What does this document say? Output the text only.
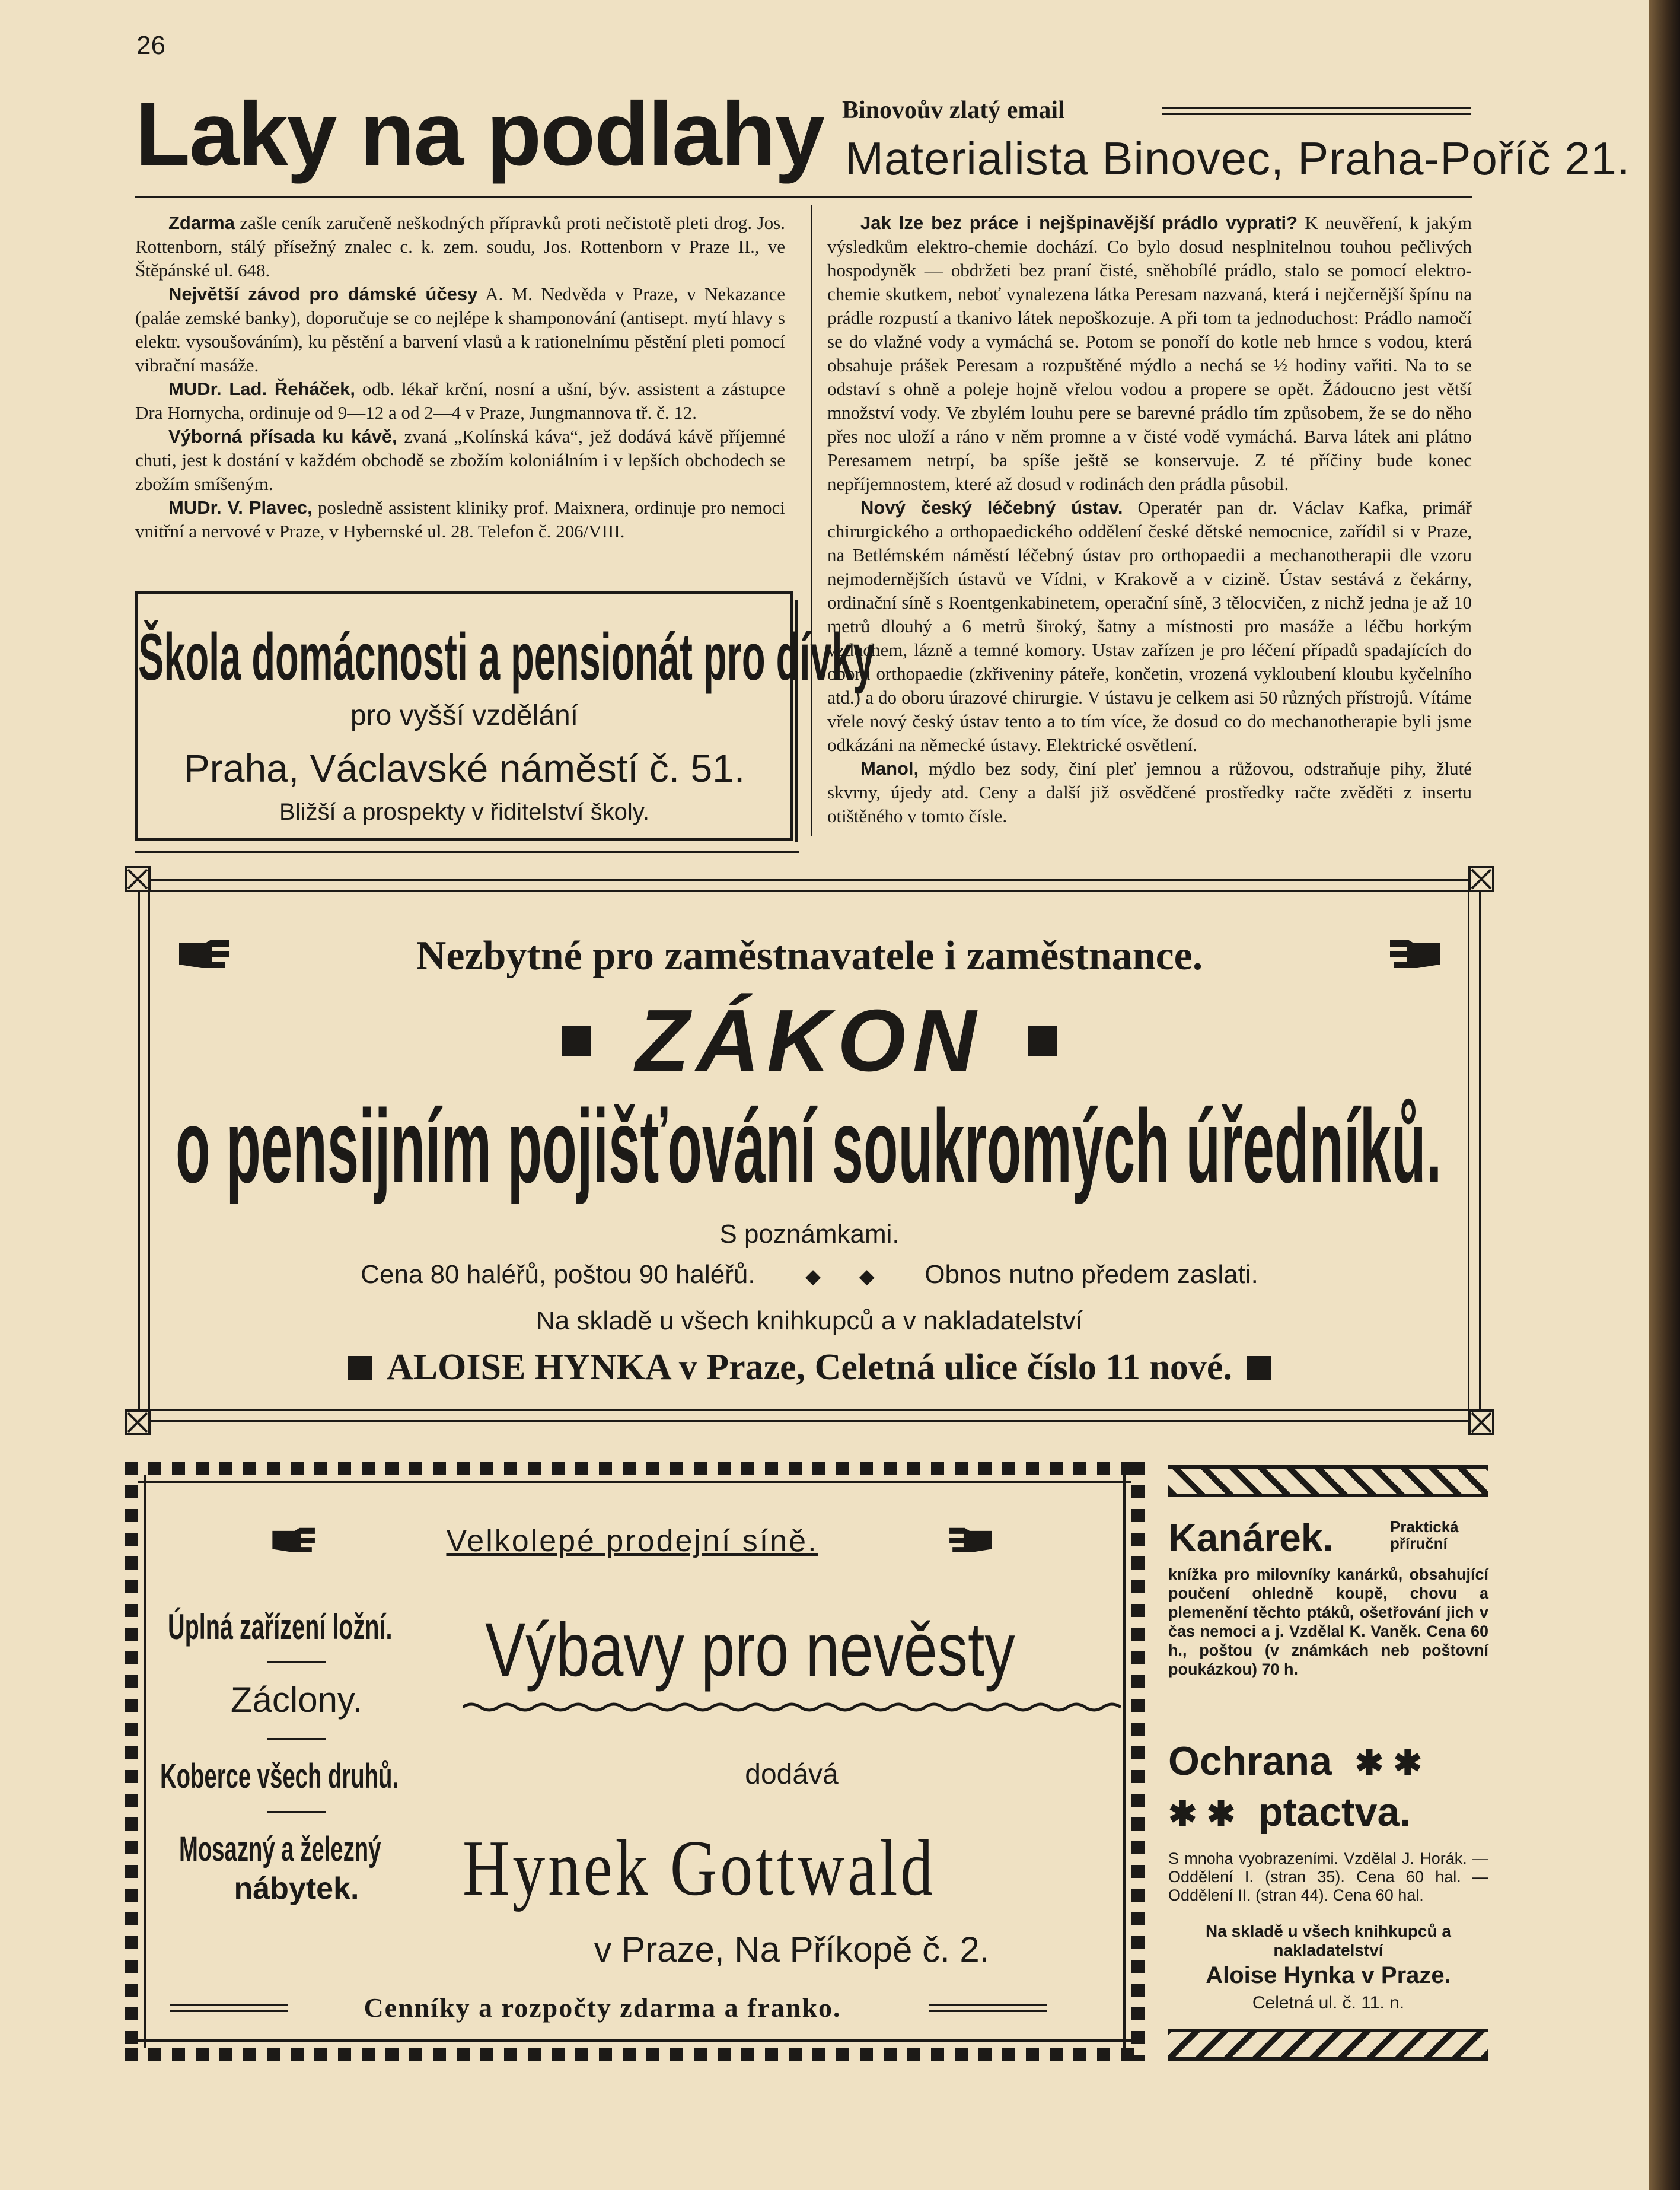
26
Laky na podlahy Binovoův zlatý email
Materialista Binovec, Praha-Poříč 21.

Zdarma zašle ceník zaručeně neškodných přípravků proti nečistotě pleti drog. Jos. Rottenborn, stálý přísežný znalec c. k. zem. soudu, Jos. Rottenborn v Praze II., ve Štěpánské ul. 648.

Největší závod pro dámské účesy A. M. Nedvěda v Praze, v Nekazance (paláe zemské banky), doporučuje se co nejlépe k shamponování (antisept. mytí hlavy s elektr. vysoušováním), ku pěstění a barvení vlasů a k rationelnímu pěstění pleti pomocí vibrační masáže.

MUDr. Lad. Řeháček, odb. lékař krční, nosní a ušní, býv. assistent a zástupce Dra Hornycha, ordinuje od 9—12 a od 2—4 v Praze, Jungmannova tř. č. 12.

Výborná přísada ku kávě, zvaná „Kolínská káva“, jež dodává kávě příjemné chuti, jest k dostání v každém obchodě se zbožím koloniálním i v lepších obchodech se zbožím smíšeným.

MUDr. V. Plavec, posledně assistent kliniky prof. Maixnera, ordinuje pro nemoci vnitřní a nervové v Praze, v Hybernské ul. 28. Telefon č. 206/VIII.

Škola domácnosti a pensionát pro dívky
pro vyšší vzdělání
Praha, Václavské náměstí č. 51.
Bližší a prospekty v řiditelství školy.

Jak lze bez práce i nejšpinavější prádlo vyprati? K neuvěření, k jakým výsledkům elektro-chemie dochází. Co bylo dosud nesplnitelnou touhou pečlivých hospodyněk — obdržeti bez praní čisté, sněhobílé prádlo, stalo se pomocí elektro-chemie skutkem, neboť vynalezena látka Peresam nazvaná, která i nejčernější špínu na prádle rozpustí a tkanivo látek nepoškozuje. A při tom ta jednoduchost: Prádlo namočí se do vlažné vody a vymáchá se. Potom se ponoří do kotle neb hrnce s vodou, která obsahuje prášek Peresam a rozpuštěné mýdlo a nechá se ½ hodiny vařiti. Na to se odstaví s ohně a poleje hojně vřelou vodou a propere se opět. Žádoucno jest větší množství vody. Ve zbylém louhu pere se barevné prádlo tím způsobem, že se do něho přes noc uloží a ráno v něm promne a v čisté vodě vymáchá. Barva látek ani plátno Peresamem netrpí, ba spíše ještě se konservuje. Z té příčiny bude konec nepříjemnostem, které až dosud v rodinách den prádla působil.

Nový český léčebný ústav. Operatér pan dr. Václav Kafka, primář chirurgického a orthopaedického oddělení české dětské nemocnice, zařídil si v Praze, na Betlémském náměstí léčebný ústav pro orthopaedii a mechanotherapii dle vzoru nejmodernějších ústavů ve Vídni, v Krakově a v cizině. Ústav sestává z čekárny, ordinační síně s Roentgenkabinetem, operační síně, 3 tělocvičen, z nichž jedna je až 10 metrů dlouhý a 6 metrů široký, šatny a místnosti pro masáže a léčbu horkým vzduchem, lázně a temné komory. Ustav zařízen je pro léčení případů spadajících do oboru orthopaedie (zkřiveniny páteře, končetin, vrozená vykloubení kloubu kyčelního atd.) a do oboru úrazové chirurgie. V ústavu je celkem asi 50 různých přístrojů. Vítáme vřele nový český ústav tento a to tím více, že dosud co do mechanotherapie byli jsme odkázáni na německé ústavy. Elektrické osvětlení.

Manol, mýdlo bez sody, činí pleť jemnou a růžovou, odstraňuje pihy, žluté skvrny, újedy atd. Ceny a další již osvědčené prostředky račte zvěděti z insertu otištěného v tomto čísle.

Nezbytné pro zaměstnavatele i zaměstnance.
ZÁKON
o pensijním pojišťování soukromých úředníků.
S poznámkami.
Cena 80 haléřů, poštou 90 haléřů. ◆ ◆ Obnos nutno předem zaslati.
Na skladě u všech knihkupců a v nakladatelství
ALOISE HYNKA v Praze, Celetná ulice číslo 11 nové.
Velkolepé prodejní síně.
Úplná zařízení ložní.
Záclony.
Koberce všech druhů.
Mosazný a železný
nábytek.
Výbavy pro nevěsty
dodává
Hynek Gottwald
v Praze, Na Příkopě č. 2.
Cenníky a rozpočty zdarma a franko.
Kanárek.	Praktická příruční
knížka pro milovníky kanárků, obsahující poučení ohledně koupě, chovu a plemenění těchto ptáků, ošetřování jich v čas nemoci a j. Vzdělal K. Vaněk. Cena 60 h., poštou (v známkách neb poštovní poukázkou) 70 h.
Ochrana ✱ ✱
✱ ✱ ptactva.
S mnoha vyobrazeními. Vzdělal J. Horák. — Oddělení I. (stran 35). Cena 60 hal. — Oddělení II. (stran 44). Cena 60 hal.
Na skladě u všech knihkupců a nakladatelství
Aloise Hynka v Praze.
Celetná ul. č. 11. n.
